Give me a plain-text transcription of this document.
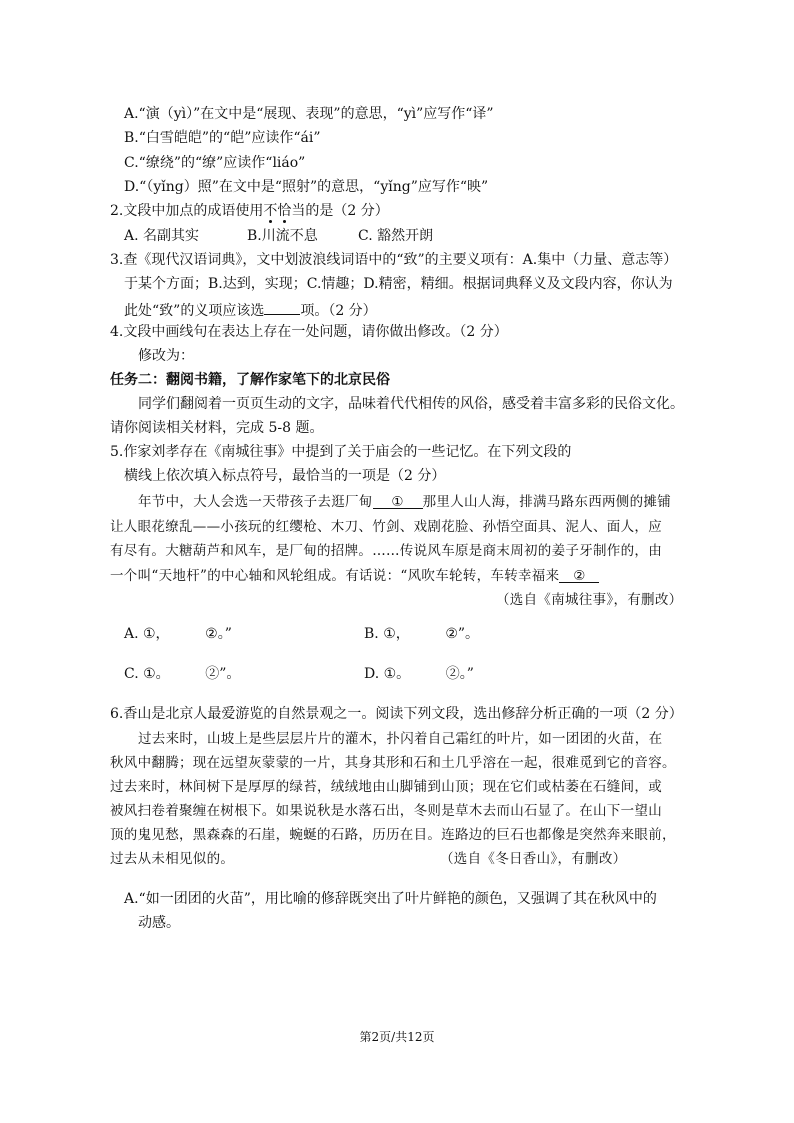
A.“演（yì）”在文中是“展现、表现”的意思，“yì”应写作“译”
B.“白雪皑皑”的“皑”应读作“ái”
C.“缭绕”的“缭”应读作“liáo”
D.“（yǐng）照”在文中是“照射”的意思，“yǐng”应写作“映”
2.文段中加点的成语使用不恰当的是（2 分）
A. 名副其实	B.川流不息	C. 豁然开朗
3.查《现代汉语词典》，文中划波浪线词语中的“致”的主要义项有：A.集中（力量、意志等）
于某个方面；B.达到，实现；C.情趣；D.精密，精细。根据词典释义及文段内容，你认为
此处“致”的义项应该选	项。（2 分）
4.文段中画线句在表达上存在一处问题，请你做出修改。（2 分）
修改为：
任务二：翻阅书籍，了解作家笔下的北京民俗
同学们翻阅着一页页生动的文字，品味着代代相传的风俗，感受着丰富多彩的民俗文化。
请你阅读相关材料，完成 5-8 题。
5.作家刘孝存在《南城往事》中提到了关于庙会的一些记忆。在下列文段的
横线上依次填入标点符号，最恰当的一项是（2 分）
年节中，大人会选一天带孩子去逛厂甸 ① 那里人山人海，排满马路东西两侧的摊铺
让人眼花缭乱——小孩玩的红缨枪、木刀、竹剑、戏剧花脸、孙悟空面具、泥人、面人，应
有尽有。大糖葫芦和风车，是厂甸的招牌。……传说风车原是商末周初的姜子牙制作的，由
一个叫“天地杆”的中心轴和风轮组成。有话说：“风吹车轮转，车转幸福来 ②
（选自《南城往事》，有删改）
A. ①，        ②。”	B. ①，        ②”。
C. ①。        ②”。	D. ①。        ②。”
6.香山是北京人最爱游览的自然景观之一。阅读下列文段，选出修辞分析正确的一项（2 分）
过去来时，山坡上是些层层片片的灌木，扑闪着自己霜红的叶片，如一团团的火苗，在
秋风中翻腾；现在远望灰蒙蒙的一片，其身其形和石和土几乎溶在一起，很难觅到它的音容。
过去来时，林间树下是厚厚的绿苔，绒绒地由山脚铺到山顶；现在它们或枯萎在石缝间，或
被风扫卷着聚缠在树根下。如果说秋是水落石出，冬则是草木去而山石显了。在山下一望山
顶的鬼见愁，黑森森的石崖，蜿蜒的石路，历历在目。连路边的巨石也都像是突然奔来眼前，
过去从未相见似的。	（选自《冬日香山》，有删改）
A.“如一团团的火苗”，用比喻的修辞既突出了叶片鲜艳的颜色，又强调了其在秋风中的
动感。
第2页/共12页
